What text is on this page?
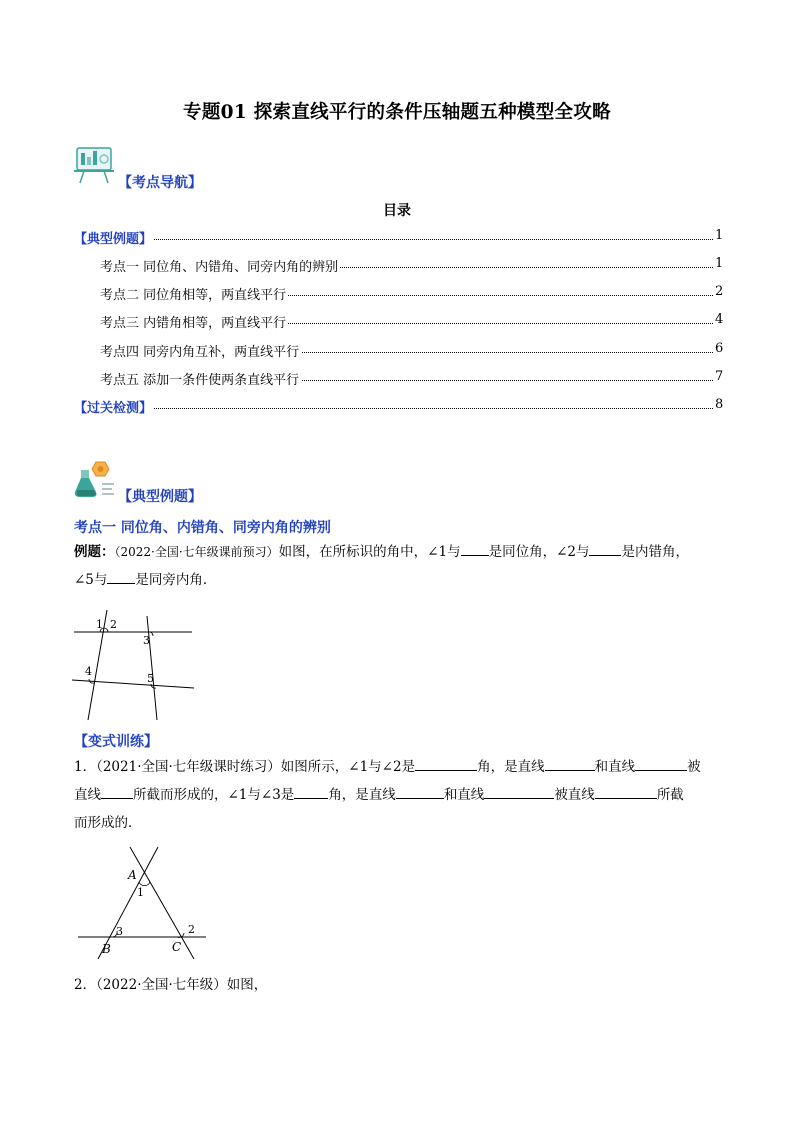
专题01 探索直线平行的条件压轴题五种模型全攻略
【考点导航】
目录
【典型例题】	1
考点一 同位角、内错角、同旁内角的辨别	1
考点二 同位角相等，两直线平行	2
考点三 内错角相等，两直线平行	4
考点四 同旁内角互补，两直线平行	6
考点五 添加一条件使两条直线平行	7
【过关检测】	8
【典型例题】
考点一 同位角、内错角、同旁内角的辨别
例题：（2022·全国·七年级课前预习）如图，在所标识的角中，∠1与 是同位角，∠2与 是内错角，
∠5与 是同旁内角．
1 2
3
4
5
【变式训练】
1．（2021·全国·七年级课时练习）如图所示，∠1与∠2是	角，是直线	和直线	被
直线 所截而形成的，∠1与∠3是	角，是直线	和直线	被直线	所截
而形成的．
A
1
2
3
B	C
2．（2022·全国·七年级）如图，
